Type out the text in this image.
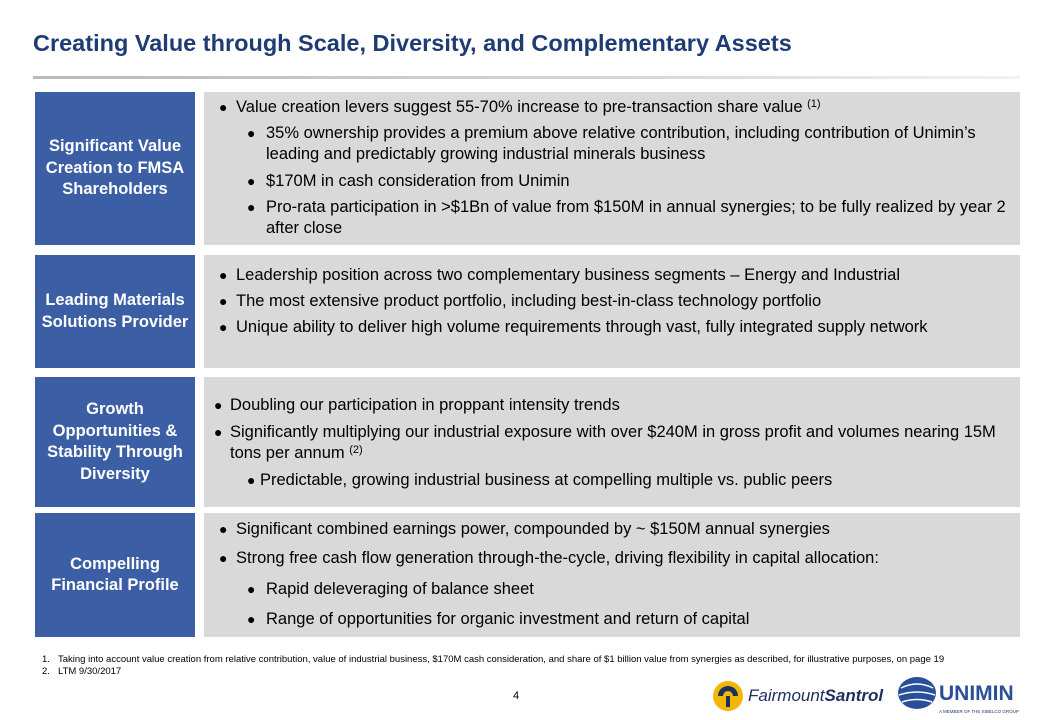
Creating Value through Scale, Diversity, and Complementary Assets
Significant Value Creation to FMSA Shareholders
● Value creation levers suggest 55-70% increase to pre-transaction share value $^{(1)}$
● 35% ownership provides a premium above relative contribution, including contribution of Unimin’s leading and predictably growing industrial minerals business
● $170M in cash consideration from Unimin
● Pro-rata participation in >$1Bn of value from $150M in annual synergies; to be fully realized by year 2 after close
Leading Materials Solutions Provider
● Leadership position across two complementary business segments – Energy and Industrial
● The most extensive product portfolio, including best-in-class technology portfolio
● Unique ability to deliver high volume requirements through vast, fully integrated supply network
Growth Opportunities & Stability Through Diversity
● Doubling our participation in proppant intensity trends
● Significantly multiplying our industrial exposure with over $240M in gross profit and volumes nearing 15M tons per annum $^{(2)}$
● Predictable, growing industrial business at compelling multiple vs. public peers
Compelling Financial Profile
● Significant combined earnings power, compounded by ~ $150M annual synergies
● Strong free cash flow generation through-the-cycle, driving flexibility in capital allocation:
● Rapid deleveraging of balance sheet
● Range of opportunities for organic investment and return of capital
1. Taking into account value creation from relative contribution, value of industrial business, $170M cash consideration, and share of $1 billion value from synergies as described, for illustrative purposes, on page 19
2. LTM 9/30/2017
4	FairmountSantrol	UNIMIN
A MEMBER OF THE SIBELCO GROUP
